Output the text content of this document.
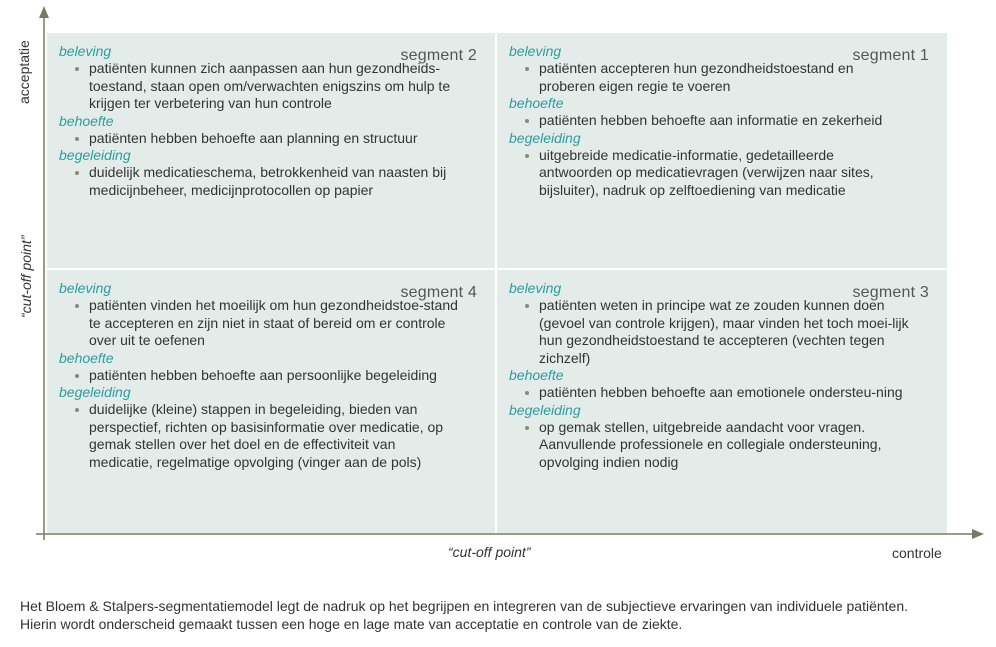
segment 2
beleving
patiënten kunnen zich aanpassen aan hun gezondheids-toestand, staan open om/verwachten enigszins om hulp te krijgen ter verbetering van hun controle
behoefte
patiënten hebben behoefte aan planning en structuur
begeleiding
duidelijk medicatieschema, betrokkenheid van naasten bij medicijnbeheer, medicijnprotocollen op papier
segment 1
beleving
patiënten accepteren hun gezondheidstoestand en proberen eigen regie te voeren
behoefte
patiënten hebben behoefte aan informatie en zekerheid
begeleiding
uitgebreide medicatie-informatie, gedetailleerde antwoorden op medicatievragen (verwijzen naar sites, bijsluiter), nadruk op zelftoediening van medicatie
segment 4
beleving
patiënten vinden het moeilijk om hun gezondheidstoe-stand te accepteren en zijn niet in staat of bereid om er controle over uit te oefenen
behoefte
patiënten hebben behoefte aan persoonlijke begeleiding
begeleiding
duidelijke (kleine) stappen in begeleiding, bieden van perspectief, richten op basisinformatie over medicatie, op gemak stellen over het doel en de effectiviteit van medicatie, regelmatige opvolging (vinger aan de pols)
segment 3
beleving
patiënten weten in principe wat ze zouden kunnen doen (gevoel van controle krijgen), maar vinden het toch moei-lijk hun gezondheidstoestand te accepteren (vechten tegen zichzelf)
behoefte
patiënten hebben behoefte aan emotionele ondersteu-ning
begeleiding
op gemak stellen, uitgebreide aandacht voor vragen. Aanvullende professionele en collegiale ondersteuning, opvolging indien nodig
acceptatie
“cut-off point”
“cut-off point”	controle
Het Bloem & Stalpers-segmentatiemodel legt de nadruk op het begrijpen en integreren van de subjectieve ervaringen van individuele patiënten.
Hierin wordt onderscheid gemaakt tussen een hoge en lage mate van acceptatie en controle van de ziekte.
